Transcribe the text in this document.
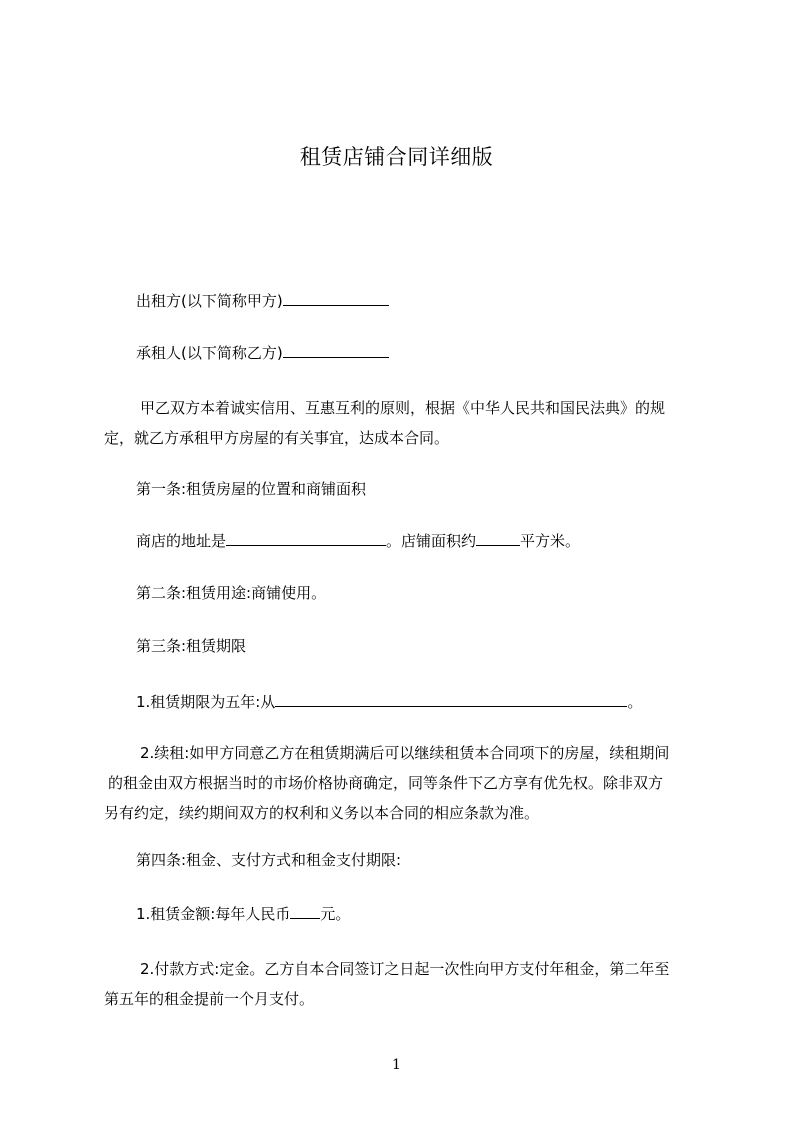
租赁店铺合同详细版
出租方(以下简称甲方)
承租人(以下简称乙方)
甲乙双方本着诚实信用、互惠互利的原则，根据《中华人民共和国民法典》的规
定，就乙方承租甲方房屋的有关事宜，达成本合同。
第一条:租赁房屋的位置和商铺面积
商店的地址是	。店铺面积约	平方米。
第二条:租赁用途:商铺使用。
第三条:租赁期限
1.租赁期限为五年:从	。
2.续租:如甲方同意乙方在租赁期满后可以继续租赁本合同项下的房屋，续租期间
的租金由双方根据当时的市场价格协商确定，同等条件下乙方享有优先权。除非双方
另有约定，续约期间双方的权利和义务以本合同的相应条款为准。
第四条:租金、支付方式和租金支付期限:
1.租赁金额:每年人民币 元。
2.付款方式:定金。乙方自本合同签订之日起一次性向甲方支付年租金，第二年至
第五年的租金提前一个月支付。
1
